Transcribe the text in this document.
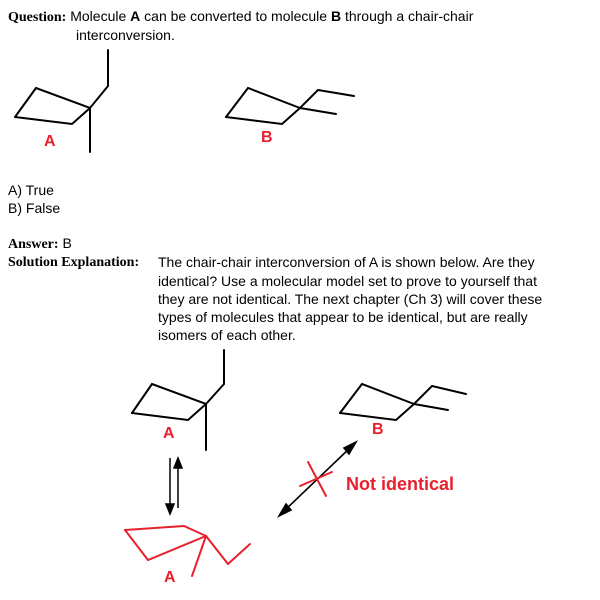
Question: Molecule A can be converted to molecule B through a chair-chair
interconversion.
A	B
A) True
B) False
Answer: B
Solution Explanation: The chair-chair interconversion of A is shown below. Are they
identical? Use a molecular model set to prove to yourself that
they are not identical. The next chapter (Ch 3) will cover these
types of molecules that appear to be identical, but are really
isomers of each other.
A	B
A
Not identical
